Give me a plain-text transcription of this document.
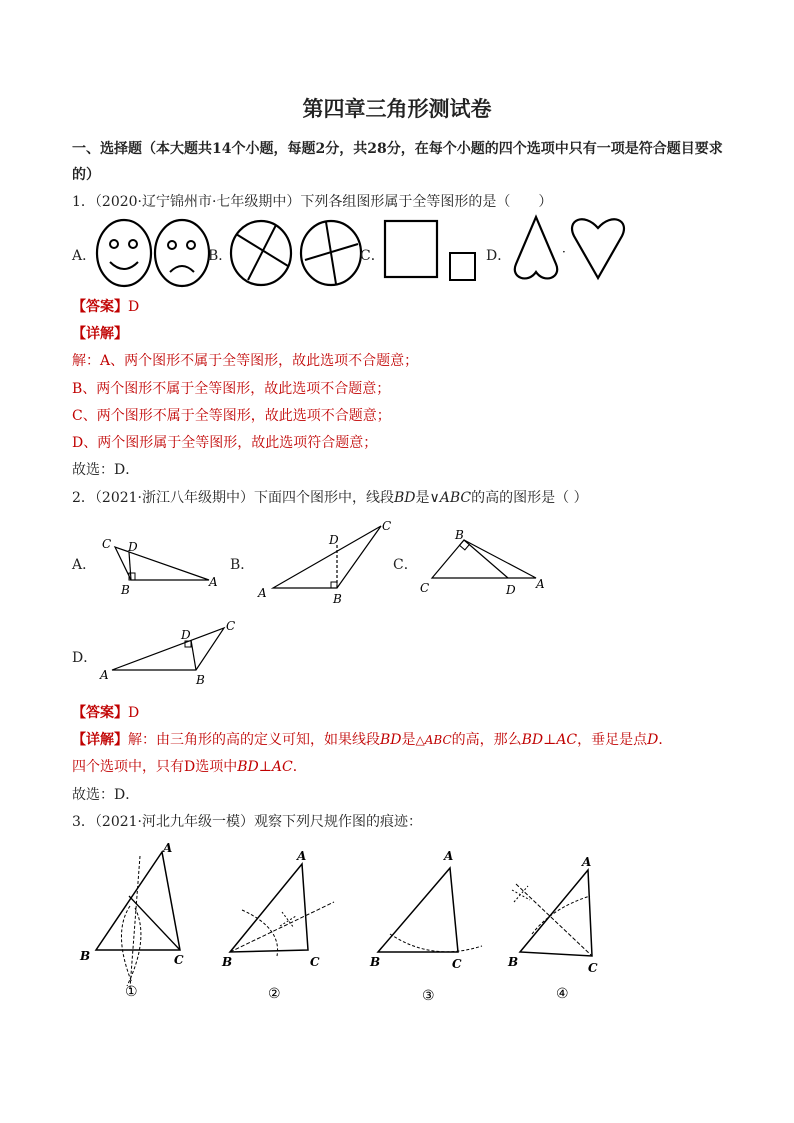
第四章三角形测试卷
一、选择题（本大题共14个小题，每题2分，共28分，在每个小题的四个选项中只有一项是符合题目要求的）
1．（2020·辽宁锦州市·七年级期中）下列各组图形属于全等图形的是（　　）
A．	B．	C．	D．	·
【答案】D
【详解】
解：A、两个图形不属于全等图形，故此选项不合题意；
B、两个图形不属于全等图形，故此选项不合题意；
C、两个图形不属于全等图形，故此选项不合题意；
D、两个图形属于全等图形，故此选项符合题意；
故选：D．
2．（2021·浙江八年级期中）下面四个图形中，线段BD是∨ABC的高的图形是（ ）
A．
C D
B
A
B．
D
A	B
C
C．
B
C	D A
D．
D
C
A	B
【答案】D
【详解】解：由三角形的高的定义可知，如果线段BD是△ABC的高，那么BD⊥AC，垂足是点D．
四个选项中，只有D选项中BD⊥AC．
故选：D．
3．（2021·河北九年级一模）观察下列尺规作图的痕迹：
A
B	C
①
A
B	C
②
A
B	C
③
A
B	C
④
